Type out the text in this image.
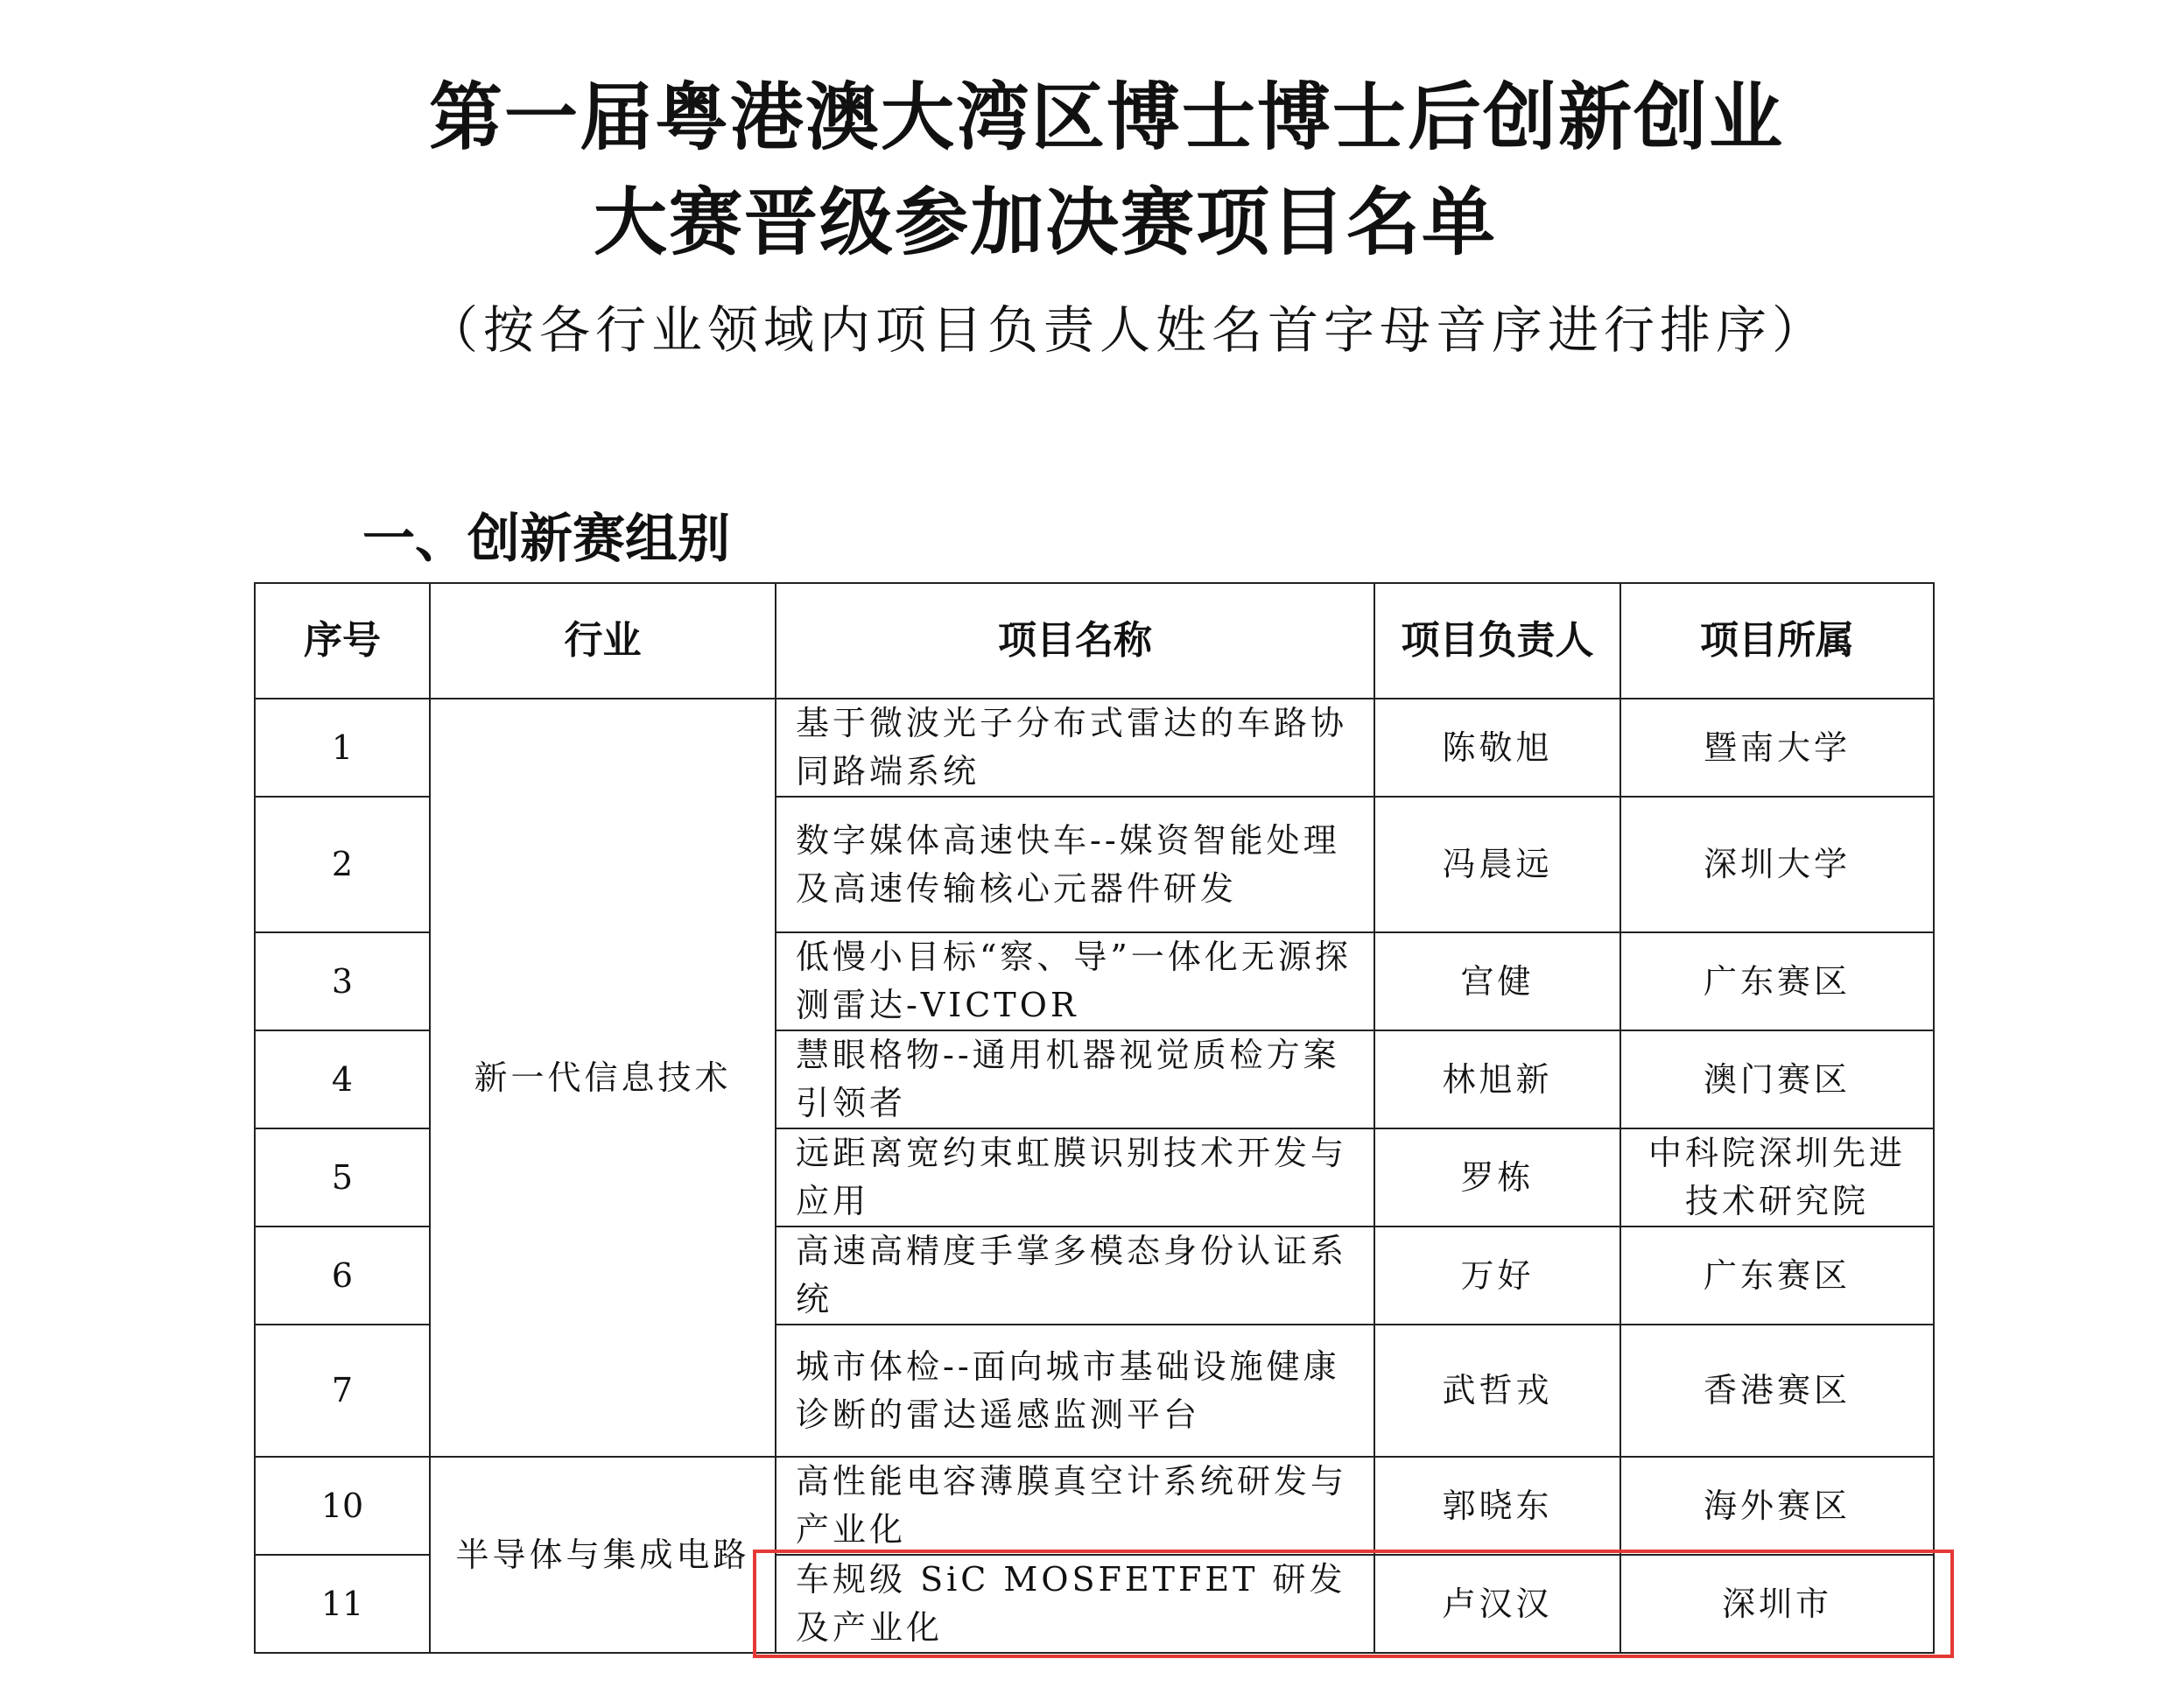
第一届粤港澳大湾区博士博士后创新创业
大赛晋级参加决赛项目名单
（按各行业领域内项目负责人姓名首字母音序进行排序）
一、创新赛组别
序号	行业	项目名称	项目负责人	项目所属
1	新一代信息技术	基于微波光子分布式雷达的车路协同路端系统	陈敬旭	暨南大学
2		数字媒体高速快车--媒资智能处理及高速传输核心元器件研发	冯晨远	深圳大学
3		低慢小目标“察、导”一体化无源探测雷达-VICTOR	宫健	广东赛区
4		慧眼格物--通用机器视觉质检方案引领者	林旭新	澳门赛区
5		远距离宽约束虹膜识别技术开发与应用	罗栋	中科院深圳先进技术研究院
6		高速高精度手掌多模态身份认证系统	万好	广东赛区
7		城市体检--面向城市基础设施健康诊断的雷达遥感监测平台	武哲戎	香港赛区
10	半导体与集成电路	高性能电容薄膜真空计系统研发与产业化	郭晓东	海外赛区
11		车规级 SiC MOSFETFET 研发及产业化	卢汉汉	深圳市
